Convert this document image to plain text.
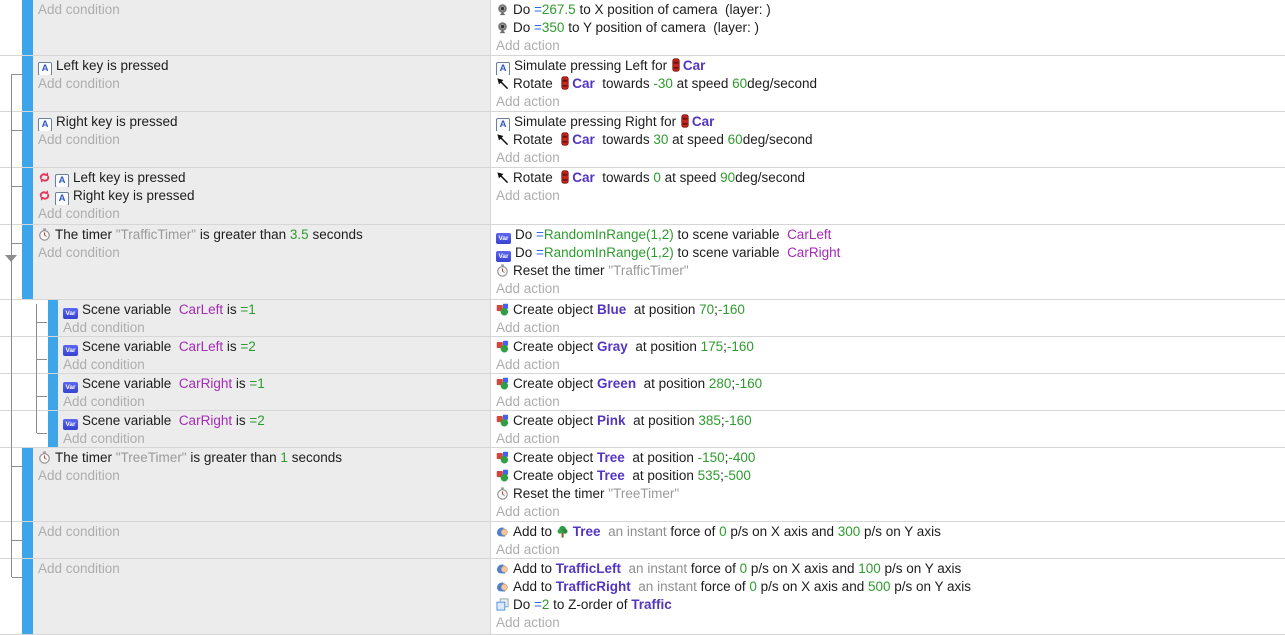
Add condition	Do =267.5 to X position of camera  (layer: )
Do =350 to Y position of camera  (layer: )
Add action
A Left key is pressed
Add condition
A Simulate pressing Left for Car
Rotate  Car  towards -30 at speed 60deg/second
Add action
A Right key is pressed
Add condition
A Simulate pressing Right for Car
Rotate  Car  towards 30 at speed 60deg/second
Add action
A Left key is pressed
A Right key is pressed
Add condition
Rotate  Car  towards 0 at speed 90deg/second
Add action
The timer "TrafficTimer" is greater than 3.5 seconds
Add condition
Var Do =RandomInRange(1,2) to scene variable  CarLeft
Var Do =RandomInRange(1,2) to scene variable  CarRight
Reset the timer "TrafficTimer"
Add action
Var Scene variable  CarLeft is =1
Add condition
Create object Blue  at position 70;-160
Add action
Var Scene variable  CarLeft is =2
Add condition
Create object Gray  at position 175;-160
Add action
Var Scene variable  CarRight is =1
Add condition
Create object Green  at position 280;-160
Add action
Var Scene variable  CarRight is =2
Add condition
Create object Pink  at position 385;-160
Add action
The timer "TreeTimer" is greater than 1 seconds
Add condition
Create object Tree  at position -150;-400
Create object Tree  at position 535;-500
Reset the timer "TreeTimer"
Add action
Add condition	Add to Tree  an instant force of 0 p/s on X axis and 300 p/s on Y axis
Add action
Add condition	Add to TrafficLeft  an instant force of 0 p/s on X axis and 100 p/s on Y axis
Add to TrafficRight  an instant force of 0 p/s on X axis and 500 p/s on Y axis
Do =2 to Z-order of Traffic
Add action
